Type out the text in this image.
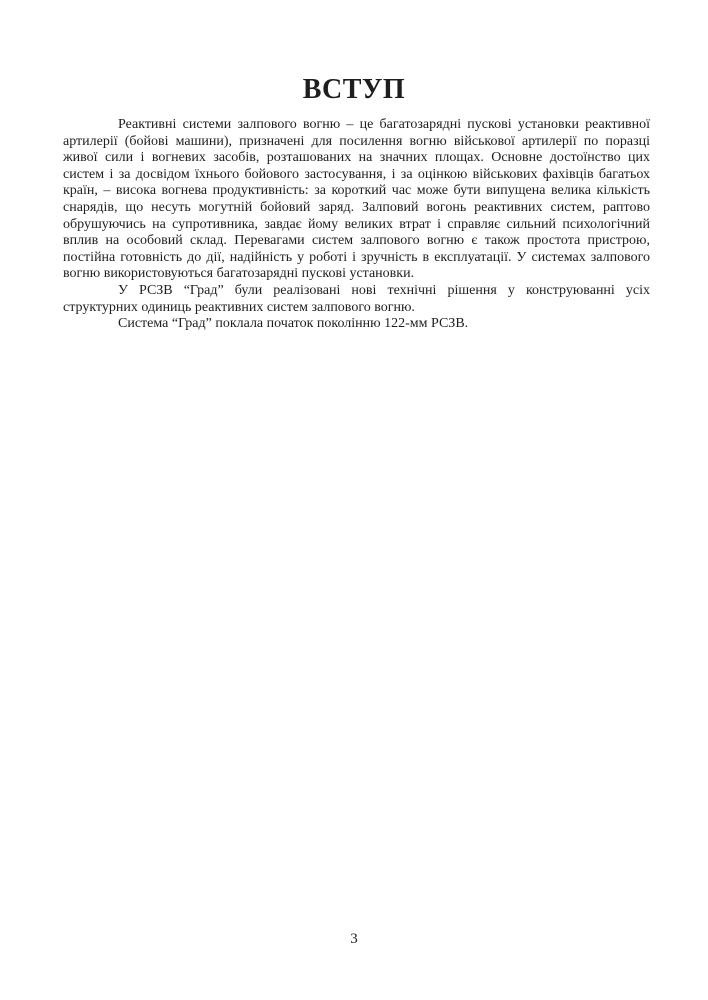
ВСТУП

Реактивні системи залпового вогню – це багатозарядні пускові установки реактивної артилерії (бойові машини), призначені для посилення вогню військової артилерії по поразці живої сили і вогневих засобів, розташованих на значних площах. Основне достоїнство цих систем і за досвідом їхнього бойового застосування, і за оцінкою військових фахівців багатьох країн, – висока вогнева продуктивність: за короткий час може бути випущена велика кількість снарядів, що несуть могутній бойовий заряд. Залповий вогонь реактивних систем, раптово обрушуючись на супротивника, завдає йому великих втрат і справляє сильний психологічний вплив на особовий склад. Перевагами систем залпового вогню є також простота пристрою, постійна готовність до дії, надійність у роботі і зручність в експлуатації. У системах залпового вогню використовуються багатозарядні пускові установки.

У РСЗВ “Град” були реалізовані нові технічні рішення у конструюванні усіх структурних одиниць реактивних систем залпового вогню.

Система “Град” поклала початок поколінню 122-мм РСЗВ.

3
